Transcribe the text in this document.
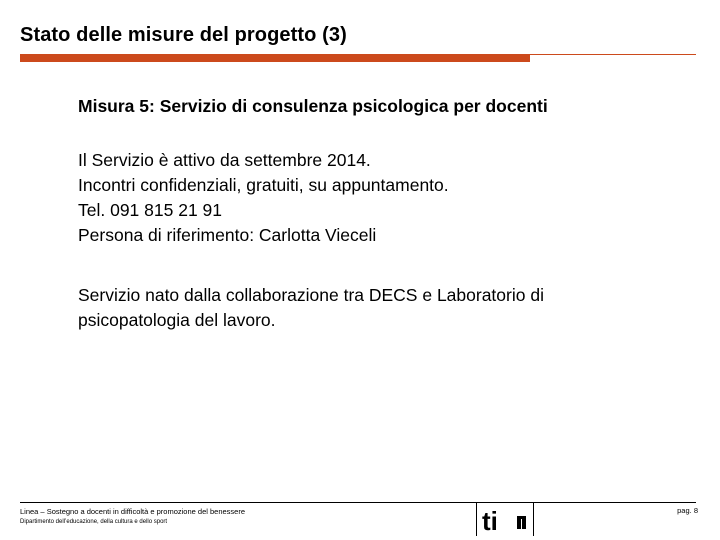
Stato delle misure del progetto (3)
Misura 5: Servizio di consulenza psicologica per docenti

Il Servizio è attivo da settembre 2014.

Incontri confidenziali, gratuiti, su appuntamento.

Tel. 091 815 21 91

Persona di riferimento: Carlotta Vieceli

Servizio nato dalla collaborazione tra DECS e Laboratorio di

psicopatologia del lavoro.

Linea – Sostegno a docenti in difficoltà e promozione del benessere
Dipartimento dell’educazione, della cultura e dello sport	ti	pag. 8
